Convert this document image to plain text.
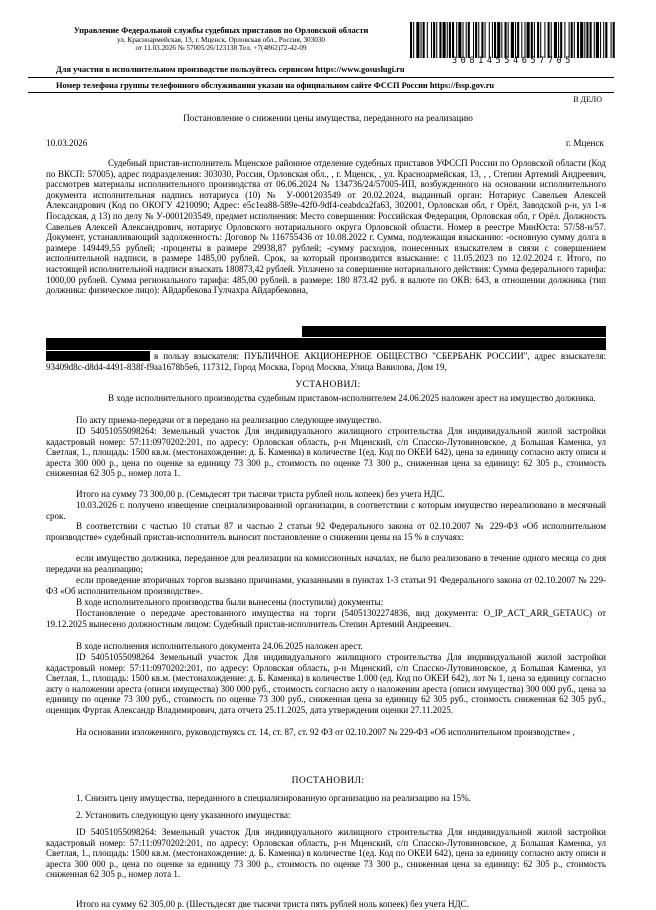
Управление Федеральной службы судебных приставов по Орловской области
ул. Красноармейская, 13, г. Мценск, Орловская обл., Россия, 303030
от 11.03.2026 № 57005/26/123138 Тел. +7(4862)72-42-09
30814554657705
Для участия в исполнительном производстве пользуйтесь сервисом https://www.gosuslugi.ru
Номер телефона группы телефонного обслуживания указан на официальном сайте ФССП России https://fssp.gov.ru
В ДЕЛО
Постановление о снижении цены имущества, переданного на реализацию
10.03.2026	г. Мценск
Судебный пристав-исполнитель Мценское районное отделение судебных приставов УФССП России по Орловской области (Код по ВКСП: 57005), адрес подразделения: 303030, Россия, Орловская обл., , г. Мценск, , ул. Красноармейская, 13, , , Степин Артемий Андреевич, рассмотрев материалы исполнительного производства от 06.06.2024 № 134736/24/57005-ИП, возбужденного на основании исполнительного документа исполнительная надпись нотариуса (10) № У-0001203549 от 20.02.2024, выданный орган: Нотариус Савельев Алексей Александрович (Код по ОКОГУ 4210090; Адрес: e5c1ea88-589e-42f0-9df4-ceabdca2fa63, 302001, Орловская обл, г Орёл, Заводской р-н, ул 1-я Посадская, д 13) по делу № У-0001203549, предмет исполнения: Место совершения: Российская Федерация, Орловская обл, г Орёл. Должность Савельев Алексей Александрович, нотариус Орловского нотариального округа Орловской области. Номер в реестре МинЮста: 57/58-н/57. Документ, устанавливающий задолженность: Договор № 116755436 от 10.08.2022 г. Сумма, подлежащая взысканию: -основную сумму долга в размере 149449,55 рублей; -проценты в размере 29938,87 рублей; -сумму расходов, понесенных взыскателем в связи с совершением исполнительной надписи, в размере 1485,00 рублей. Срок, за который производится взыскание: с 11.05.2023 по 12.02.2024 г. Итого, по настоящей исполнительной надписи взыскать 180873,42 рублей. Уплачено за совершение нотариального действия: Сумма федерального тарифа: 1000,00 рублей. Сумма регионального тарифа: 485,00 рублей. в размере: 180 873.42 руб. в валюте по ОКВ: 643, в отношении должника (тип должника: физическое лицо): Айдарбекова Гулчахра Айдарбековна,
в пользу взыскателя: ПУБЛИЧНОЕ АКЦИОНЕРНОЕ ОБЩЕСТВО "СБЕРБАНК РОССИИ", адрес взыскателя: 93409d8c-d8d4-4491-838f-f9aa1678b5e6, 117312, Город Москва, Город Москва, Улица Вавилова, Дом 19,
УСТАНОВИЛ:
В ходе исполнительного производства судебным приставом-исполнителем 24.06.2025 наложен арест на имущество должника.
По акту приема-передачи от в передано на реализацию следующее имущество.
ID 54051055098264: Земельный участок Для индивидуального жилищного строительства Для индивидуальной жилой застройки кадастровый номер: 57:11:0970202:201, по адресу: Орловская область, р-н Мценский, с/п Спасско-Лутовиновское, д Большая Каменка, ул Светлая, 1., площадь: 1500 кв.м. (местонахождение: д. Б. Каменка) в количестве 1(ед. Код по ОКЕИ 642), цена за единицу согласно акту описи и ареста 300 000 р., цена по оценке за единицу 73 300 р., стоимость по оценке 73 300 р., сниженная цена за единицу: 62 305 р., стоимость сниженная 62 305 р., номер лота 1.
Итого на сумму 73 300,00 р. (Семьдесят три тысячи триста рублей ноль копеек) без учета НДС.
10.03.2026 г. получено извещение специализированной организации, в соответствии с которым имущество нереализовано в месячный срок.
В соответствии с частью 10 статьи 87 и частью 2 статьи 92 Федерального закона от 02.10.2007 № 229-ФЗ «Об исполнительном производстве» судебный пристав-исполнитель выносит постановление о снижении цены на 15 % в случаях:
если имущество должника, переданное для реализации на комиссионных началах, не было реализовано в течение одного месяца со дня передачи на реализацию;
если проведение вторичных торгов вызвано причинами, указанными в пунктах 1-3 статьи 91 Федерального закона от 02.10.2007 № 229-ФЗ «Об исполнительном производстве».
В ходе исполнительного производства были вынесены (поступили) документы:
Постановление о передаче арестованного имущества на торги (54051302274836, вид документа: O_IP_ACT_ARR_GETAUC) от 19.12.2025 вынесено должностным лицом: Судебный пристав-исполнитель Степин Артемий Андреевич.
В ходе исполнения исполнительного документа 24.06.2025 наложен арест.
ID 54051055098264 Земельный участок Для индивидуального жилищного строительства Для индивидуальной жилой застройки кадастровый номер: 57:11:0970202:201, по адресу: Орловская область, р-н Мценский, с/п Спасско-Лутовиновское, д Большая Каменка, ул Светлая, 1., площадь: 1500 кв.м. (местонахождение: д. Б. Каменка) в количестве 1.000 (ед. Код по ОКЕИ 642), лот № 1, цена за единицу согласно акту о наложении ареста (описи имущества) 300 000 руб., стоимость согласно акту о наложении ареста (описи имущества) 300 000 руб., цена за единицу по оценке 73 300 руб., стоимость по оценке 73 300 руб., сниженная цена за единицу 62 305 руб., стоимость сниженная 62 305 руб., оценщик Фуртак Александр Владимирович, дата отчета 25.11.2025, дата утверждения оценки 27.11.2025.
На основании изложенного, руководствуясь ст. 14, ст. 87, ст. 92 ФЗ от 02.10.2007 № 229-ФЗ «Об исполнительном производстве» ,
ПОСТАНОВИЛ:
1. Снизить цену имущества, переданного в специализированную организацию на реализацию на 15%.
2. Установить следующую цену указанного имущества:
ID 54051055098264: Земельный участок Для индивидуального жилищного строительства Для индивидуальной жилой застройки кадастровый номер: 57:11:0970202:201, по адресу: Орловская область, р-н Мценский, с/п Спасско-Лутовиновское, д Большая Каменка, ул Светлая, 1., площадь: 1500 кв.м. (местонахождение: д. Б. Каменка) в количестве 1(ед. Код по ОКЕИ 642), цена за единицу согласно акту описи и ареста 300 000 р., цена по оценке за единицу 73 300 р., стоимость по оценке 73 300 р., сниженная цена за единицу: 62 305 р., стоимость сниженная 62 305 р., номер лота 1.
Итого на сумму 62 305,00 р. (Шестьдесят две тысячи триста пять рублей ноль копеек) без учета НДС.
